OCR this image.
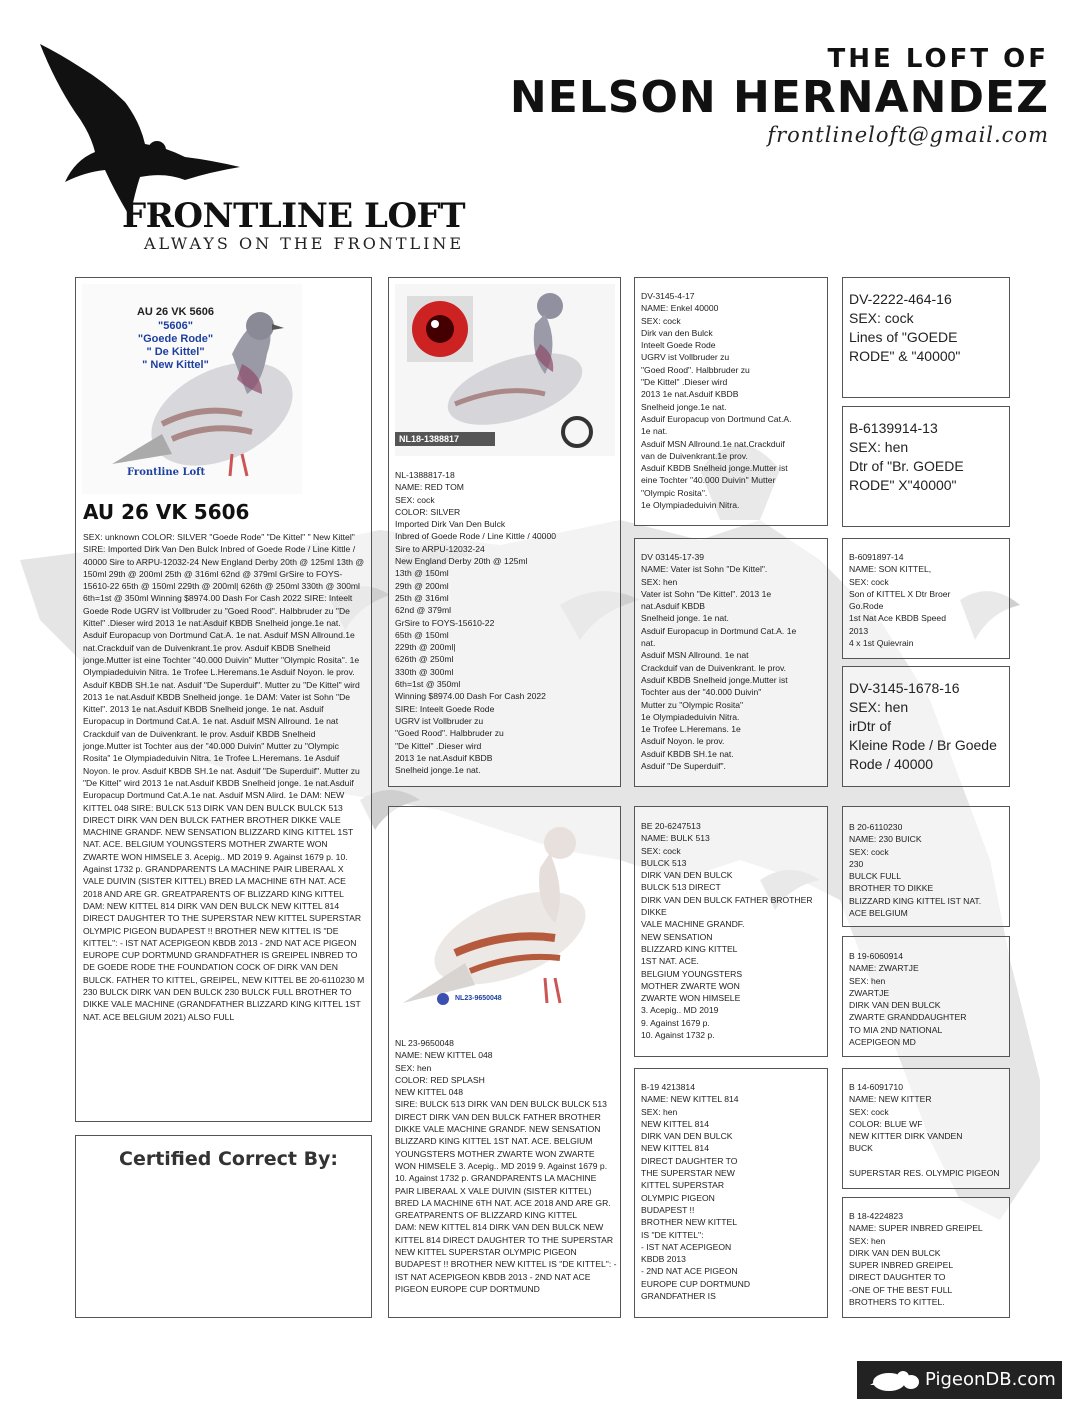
FRONTLINE LOFT
ALWAYS ON THE FRONTLINE
THE LOFT OF
NELSON HERNANDEZ
frontlineloft@gmail.com
AU 26 VK 5606
"5606"
"Goede Rode"
" De Kittel"
" New Kittel"
Frontline Loft
AU 26 VK 5606
SEX: unknown COLOR: SILVER "Goede Rode" "De Kittel" " New Kittel" SIRE: Imported Dirk Van Den Bulck Inbred of Goede Rode / Line Kittle / 40000 Sire to ARPU-12032-24 New England Derby 20th @ 125ml 13th @ 150ml 29th @ 200ml 25th @ 316ml 62nd @ 379ml GrSire to FOYS-15610-22 65th @ 150ml 229th @ 200ml| 626th @ 250ml 330th @ 300ml 6th=1st @ 350ml Winning $8974.00 Dash For Cash 2022 SIRE: Inteelt Goede Rode UGRV ist Vollbruder zu "Goed Rood". Halbbruder zu "De Kittel" .Dieser wird 2013 1e nat.Asduif KBDB Snelheid jonge.1e nat. Asduif Europacup von Dortmund Cat.A. 1e nat. Asduif MSN Allround.1e nat.Crackduif van de Duivenkrant.1e prov. Asduif KBDB Snelheid jonge.Mutter ist eine Tochter "40.000 Duivin" Mutter "Olympic Rosita". 1e Olympiadeduivin Nitra. 1e Trofee L.Heremans.1e Asduif Noyon. le prov. Asduif KBDB SH.1e nat. Asduif "De Superduif". Mutter zu "De Kittel" wird 2013 1e nat.Asduif KBDB Snelheid jonge. 1e DAM: Vater ist Sohn "De Kittel". 2013 1e nat.Asduif KBDB Snelheid jonge. 1e nat. Asduif Europacup in Dortmund Cat.A. 1e nat. Asduif MSN Allround. 1e nat Crackduif van de Duivenkrant. le prov. Asduif KBDB Snelheid jonge.Mutter ist Tochter aus der "40.000 Duivin" Mutter zu "Olympic Rosita" 1e Olympiadeduivin Nitra. 1e Trofee L.Heremans. 1e Asduif Noyon. le prov. Asduif KBDB SH.1e nat. Asduif "De Superduif". Mutter zu "De Kittel" wird 2013 1e nat.Asduif KBDB Snelheid jonge. 1e nat.Asduif Europacup Dortmund Cat.A.1e nat. Asduif MSN Alird. 1e DAM: NEW KITTEL 048 SIRE: BULCK 513 DIRK VAN DEN BULCK BULCK 513 DIRECT DIRK VAN DEN BULCK FATHER BROTHER DIKKE VALE MACHINE GRANDF. NEW SENSATION BLIZZARD KING KITTEL 1ST NAT. ACE. BELGIUM YOUNGSTERS MOTHER ZWARTE WON ZWARTE WON HIMSELE 3. Acepig.. MD 2019 9. Against 1679 p. 10. Against 1732 p. GRANDPARENTS LA MACHINE PAIR LIBERAAL X VALE DUIVIN (SISTER KITTEL) BRED LA MACHINE 6TH NAT. ACE 2018 AND ARE GR. GREATPARENTS OF BLIZZARD KING KITTEL DAM: NEW KITTEL 814 DIRK VAN DEN BULCK NEW KITTEL 814 DIRECT DAUGHTER TO THE SUPERSTAR NEW KITTEL SUPERSTAR OLYMPIC PIGEON BUDAPEST !! BROTHER NEW KITTEL IS "DE KITTEL": - IST NAT ACEPIGEON KBDB 2013 - 2ND NAT ACE PIGEON EUROPE CUP DORTMUND GRANDFATHER IS GREIPEL INBRED TO DE GOEDE RODE THE FOUNDATION COCK OF DIRK VAN DEN BULCK. FATHER TO KITTEL, GREIPEL, NEW KITTEL BE 20-6110230 M 230 BULCK DIRK VAN DEN BULCK 230 BULCK FULL BROTHER TO DIKKE VALE MACHINE (GRANDFATHER BLIZZARD KING KITTEL 1ST NAT. ACE BELGIUM 2021) ALSO FULL
Certified Correct By:
NL18-1388817
NL-1388817-18
NAME: RED TOM
SEX: cock
COLOR: SILVER
Imported Dirk Van Den Bulck
Inbred of Goede Rode / Line Kittle / 40000
Sire to ARPU-12032-24
New England Derby 20th @ 125ml
13th @ 150ml
29th @ 200ml
25th @ 316ml
62nd @ 379ml
GrSire to FOYS-15610-22
65th @ 150ml
229th @ 200ml|
626th @ 250ml
330th @ 300ml
6th=1st @ 350ml
Winning $8974.00 Dash For Cash 2022
SIRE: Inteelt Goede Rode
UGRV ist Vollbruder zu
"Goed Rood". Halbbruder zu
"De Kittel" .Dieser wird
2013 1e nat.Asduif KBDB
Snelheid jonge.1e nat.
NL23-9650048
NL 23-9650048
NAME: NEW KITTEL 048
SEX: hen
COLOR: RED SPLASH
NEW KITTEL 048
SIRE: BULCK 513 DIRK VAN DEN BULCK BULCK 513 DIRECT DIRK VAN DEN BULCK FATHER BROTHER DIKKE VALE MACHINE GRANDF. NEW SENSATION BLIZZARD KING KITTEL 1ST NAT. ACE. BELGIUM YOUNGSTERS MOTHER ZWARTE WON ZWARTE WON HIMSELE 3. Acepig.. MD 2019 9. Against 1679 p. 10. Against 1732 p. GRANDPARENTS LA MACHINE PAIR LIBERAAL X VALE DUIVIN (SISTER KITTEL) BRED LA MACHINE 6TH NAT. ACE 2018 AND ARE GR. GREATPARENTS OF BLIZZARD KING KITTEL
DAM: NEW KITTEL 814 DIRK VAN DEN BULCK NEW KITTEL 814 DIRECT DAUGHTER TO THE SUPERSTAR NEW KITTEL SUPERSTAR OLYMPIC PIGEON BUDAPEST !! BROTHER NEW KITTEL IS "DE KITTEL": - IST NAT ACEPIGEON KBDB 2013 - 2ND NAT ACE PIGEON EUROPE CUP DORTMUND
DV-3145-4-17
NAME: Enkel 40000
SEX: cock
Dirk van den Bulck
Inteelt Goede Rode
UGRV ist Vollbruder zu
"Goed Rood". Halbbruder zu
"De Kittel" .Dieser wird
2013 1e nat.Asduif KBDB
Snelheid jonge.1e nat.
Asduif Europacup von Dortmund Cat.A.
1e nat.
Asduif MSN Allround.1e nat.Crackduif
van de Duivenkrant.1e prov.
Asduif KBDB Snelheid jonge.Mutter ist
eine Tochter "40.000 Duivin" Mutter
"Olympic Rosita".
1e Olympiadeduivin Nitra.
DV 03145-17-39
NAME: Vater ist Sohn "De Kittel".
SEX: hen
Vater ist Sohn "De Kittel". 2013 1e
nat.Asduif KBDB
Snelheid jonge. 1e nat.
Asduif Europacup in Dortmund Cat.A. 1e
nat.
Asduif MSN Allround. 1e nat
Crackduif van de Duivenkrant. le prov.
Asduif KBDB Snelheid jonge.Mutter ist
Tochter aus der "40.000 Duivin"
Mutter zu "Olympic Rosita"
1e Olympiadeduivin Nitra.
1e Trofee L.Heremans. 1e
Asduif Noyon. le prov.
Asduif KBDB SH.1e nat.
Asduif "De Superduif".
BE 20-6247513
NAME: BULK 513
SEX: cock
BULCK 513
DIRK VAN DEN BULCK
BULCK 513 DIRECT
DIRK VAN DEN BULCK FATHER BROTHER
DIKKE
VALE MACHINE GRANDF.
NEW SENSATION
BLIZZARD KING KITTEL
1ST NAT. ACE.
BELGIUM YOUNGSTERS
MOTHER ZWARTE WON
ZWARTE WON HIMSELE
3. Acepig.. MD 2019
9. Against 1679 p.
10. Against 1732 p.
B-19 4213814
NAME: NEW KITTEL 814
SEX: hen
NEW KITTEL 814
DIRK VAN DEN BULCK
NEW KITTEL 814
DIRECT DAUGHTER TO
THE SUPERSTAR NEW
KITTEL SUPERSTAR
OLYMPIC PIGEON
BUDAPEST !!
BROTHER NEW KITTEL
IS "DE KITTEL":
- IST NAT ACEPIGEON
KBDB 2013
- 2ND NAT ACE PIGEON
EUROPE CUP DORTMUND
GRANDFATHER IS
DV-2222-464-16
SEX: cock
Lines of "GOEDE
RODE" & "40000"
B-6139914-13
SEX: hen
Dtr of "Br. GOEDE
RODE" X"40000"
B-6091897-14
NAME: SON KITTEL,
SEX: cock
Son of KITTEL X Dtr Broer
Go.Rode
1st Nat Ace KBDB Speed
2013
4 x 1st Quievrain
DV-3145-1678-16
SEX: hen
irDtr of
Kleine Rode / Br Goede
Rode / 40000
B 20-6110230
NAME: 230 BUICK
SEX: cock
230
BULCK FULL
BROTHER TO DIKKE
BLIZZARD KING KITTEL IST NAT.
ACE BELGIUM
B 19-6060914
NAME: ZWARTJE
SEX: hen
ZWARTJE
DIRK VAN DEN BULCK
ZWARTE GRANDDAUGHTER
TO MIA 2ND NATIONAL
ACEPIGEON MD
B 14-6091710
NAME: NEW KITTER
SEX: cock
COLOR: BLUE WF
NEW KITTER DIRK VANDEN
BUCK

SUPERSTAR RES. OLYMPIC PIGEON
B 18-4224823
NAME: SUPER INBRED GREIPEL
SEX: hen
DIRK VAN DEN BULCK
SUPER INBRED GREIPEL
DIRECT DAUGHTER TO
-ONE OF THE BEST FULL
BROTHERS TO KITTEL.
PigeonDB.com
